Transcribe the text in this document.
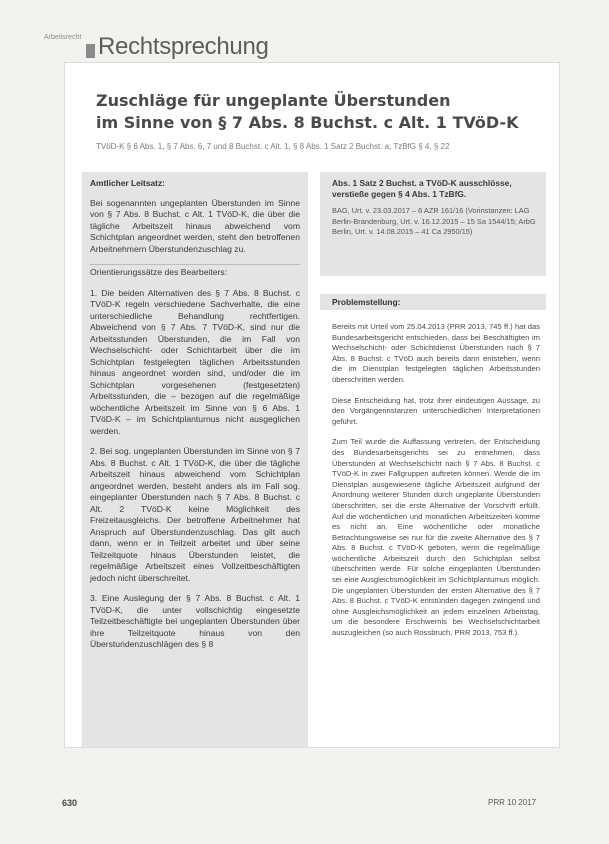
Arbeitsrecht Rechtsprechung
Zuschläge für ungeplante Überstunden
im Sinne von § 7 Abs. 8 Buchst. c Alt. 1 TVöD-K
TVöD-K § 6 Abs. 1, § 7 Abs. 6, 7 und 8 Buchst. c Alt. 1, § 8 Abs. 1 Satz 2 Buchst. a; TzBfG § 4, § 22
Amtlicher Leitsatz:

Bei sogenannten ungeplanten Überstunden im Sinne von § 7 Abs. 8 Buchst. c Alt. 1 TVöD-K, die über die tägliche Arbeitszeit hinaus abweichend vom Schichtplan angeordnet werden, steht den betroffenen Arbeitnehmern Überstundenzuschlag zu.

Orientierungssätze des Bearbeiters:

1. Die beiden Alternativen des § 7 Abs. 8 Buchst. c TVöD-K regeln verschiedene Sachverhalte, die eine unterschiedliche Behandlung rechtfertigen. Abweichend von § 7 Abs. 7 TVöD-K, sind nur die Arbeitsstunden Überstunden, die im Fall von Wechselschicht- oder Schichtarbeit über die im Schichtplan festgelegten täglichen Arbeitsstunden hinaus angeordnet worden sind, und/oder die im Schichtplan vorgesehenen (festgesetzten) Arbeitsstunden, die – bezogen auf die regelmäßige wöchentliche Arbeitszeit im Sinne von § 6 Abs. 1 TVöD-K – im Schichtplanturnus nicht ausgeglichen werden.

2. Bei sog. ungeplanten Überstunden im Sinne von § 7 Abs. 8 Buchst. c Alt. 1 TVöD-K, die über die tägliche Arbeitszeit hinaus abweichend vom Schichtplan angeordnet werden, besteht anders als im Fall sog. eingeplanter Überstunden nach § 7 Abs. 8 Buchst. c Alt. 2 TVöD-K keine Möglichkeit des Freizeitausgleichs. Der betroffene Arbeitnehmer hat Anspruch auf Überstundenzuschlag. Das gilt auch dann, wenn er in Teilzeit arbeitet und über seine Teilzeitquote hinaus Überstunden leistet, die regelmäßige Arbeitszeit eines Vollzeitbeschäftigten jedoch nicht überschreitet.

3. Eine Auslegung der § 7 Abs. 8 Buchst. c Alt. 1 TVöD-K, die unter vollschichtig eingesetzte Teilzeitbeschäftigte bei ungeplanten Überstunden über ihre Teilzeitquote hinaus von den Überstundenzuschlägen des § 8

Abs. 1 Satz 2 Buchst. a TVöD-K ausschlösse, verstieße gegen § 4 Abs. 1 TzBfG.
BAG, Urt. v. 23.03.2017 – 6 AZR 161/16 (Vorinstanzen: LAG Berlin-Brandenburg, Urt. v. 16.12.2015 – 15 Sa 1544/15; ArbG Berlin, Urt. v. 14.08.2015 – 41 Ca 2950/15)
Problemstellung:

Bereits mit Urteil vom 25.04.2013 (PRR 2013, 745 ff.) hat das Bundesarbeitsgericht entschieden, dass bei Beschäftigten im Wechselschicht- oder Schichtdienst Überstunden nach § 7 Abs. 8 Buchst. c TVöD auch bereits dann entstehen, wenn die im Dienstplan festgelegten täglichen Arbeitsstunden überschritten werden.

Diese Entscheidung hat, trotz ihrer eindeutigen Aussage, zu den Vorgängerinstanzen unterschiedlichen Interpretationen geführt.

Zum Teil wurde die Auffassung vertreten, der Entscheidung des Bundesarbeitsgerichts sei zu entnehmen, dass Überstunden at Wechselschicht nach § 7 Abs. 8 Buchst. c TVöD-K in zwei Fallgruppen auftreten können. Werde die im Dienstplan ausgewiesene tägliche Arbeitszeit aufgrund der Anordnung weiterer Stunden durch ungeplante Überstunden überschritten, sei die erste Alternative der Vorschrift erfüllt. Auf die wöchentlichen und monatlichen Arbeitszeiten komme es nicht an. Eine wöchentliche oder monatliche Betrachtungsweise sei nur für die zweite Alternative des § 7 Abs. 8 Buchst. c TVöD-K geboten, wenn die regelmäßige wöchentliche Arbeitszeit durch den Schichtplan selbst überschritten werde. Für solche eingeplanten Überstunden sei eine Ausgleichsmöglichkeit im Schichtplanturnus möglich. Die ungeplanten Überstunden der ersten Alternative des § 7 Abs. 8 Buchst. c TVöD-K entstünden dagegen zwingend und ohne Ausgleichsmöglichkeit an jedem einzelnen Arbeitstag, um die besondere Erschwernis bei Wechselschichtarbeit auszugleichen (so auch Rossbruch, PRR 2013, 753 ff.).

630	PRR 10 2017
